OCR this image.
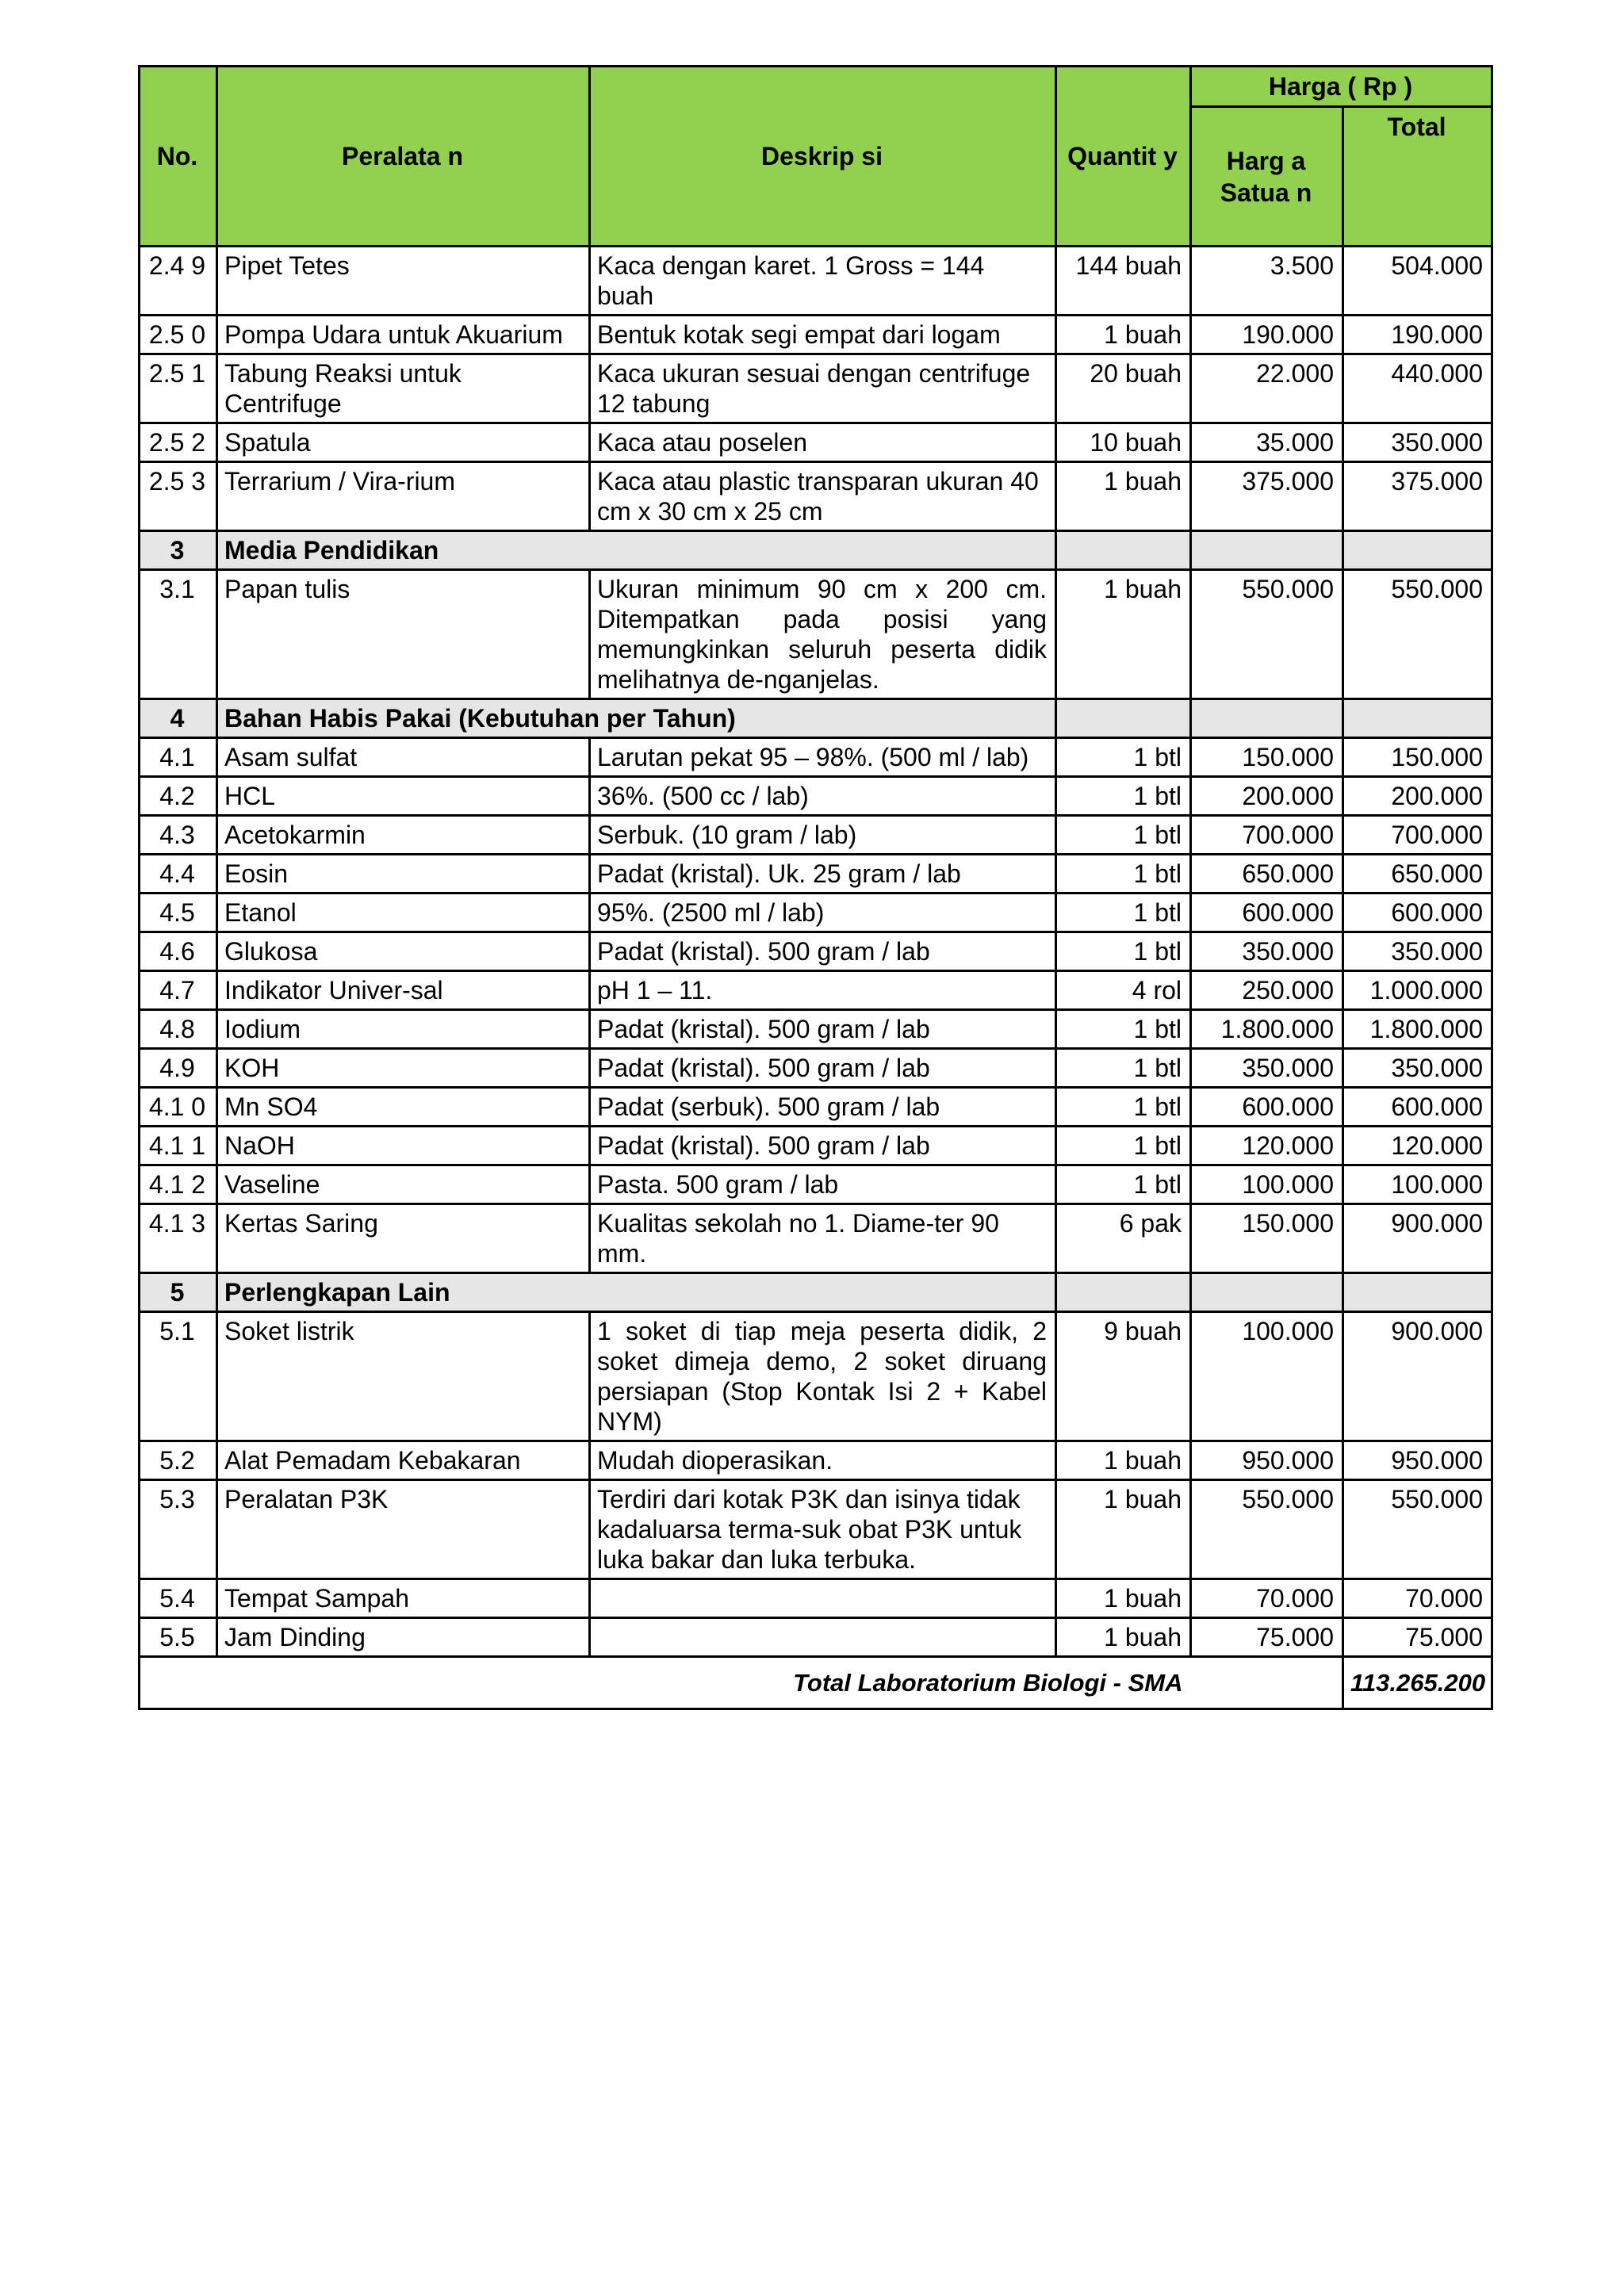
No.	Peralata n	Deskrip si	Quantit y	Harga ( Rp )	
				Harg a Satua n	Total
2.4 9	Pipet Tetes	Kaca dengan karet. 1 Gross = 144 buah	144 buah	3.500	504.000
2.5 0	Pompa Udara untuk Akuarium	Bentuk kotak segi empat dari logam	1 buah	190.000	190.000
2.5 1	Tabung Reaksi untuk Centrifuge	Kaca ukuran sesuai dengan centrifuge 12 tabung	20 buah	22.000	440.000
2.5 2	Spatula	Kaca atau poselen	10 buah	35.000	350.000
2.5 3	Terrarium / Vira-rium	Kaca atau plastic transparan ukuran 40 cm x 30 cm x 25 cm	1 buah	375.000	375.000
3	Media Pendidikan				
3.1	Papan tulis	Ukuran minimum 90 cm x 200 cm. Ditempatkan pada posisi yang memungkinkan seluruh peserta didik melihatnya de-nganjelas.	1 buah	550.000	550.000
4	Bahan Habis Pakai (Kebutuhan per Tahun)				
4.1	Asam sulfat	Larutan pekat 95 – 98%. (500 ml / lab)	1 btl	150.000	150.000
4.2	HCL	36%. (500 cc / lab)	1 btl	200.000	200.000
4.3	Acetokarmin	Serbuk. (10 gram / lab)	1 btl	700.000	700.000
4.4	Eosin	Padat (kristal). Uk. 25 gram / lab	1 btl	650.000	650.000
4.5	Etanol	95%. (2500 ml / lab)	1 btl	600.000	600.000
4.6	Glukosa	Padat (kristal). 500 gram / lab	1 btl	350.000	350.000
4.7	Indikator Univer-sal	pH 1 – 11.	4 rol	250.000	1.000.000
4.8	Iodium	Padat (kristal). 500 gram / lab	1 btl	1.800.000	1.800.000
4.9	KOH	Padat (kristal). 500 gram / lab	1 btl	350.000	350.000
4.1 0	Mn SO4	Padat (serbuk). 500 gram / lab	1 btl	600.000	600.000
4.1 1	NaOH	Padat (kristal). 500 gram / lab	1 btl	120.000	120.000
4.1 2	Vaseline	Pasta. 500 gram / lab	1 btl	100.000	100.000
4.1 3	Kertas Saring	Kualitas sekolah no 1. Diame-ter 90 mm.	6 pak	150.000	900.000
5	Perlengkapan Lain				
5.1	Soket listrik	1 soket di tiap meja peserta didik, 2 soket dimeja demo, 2 soket diruang persiapan (Stop Kontak Isi 2 + Kabel NYM)	9 buah	100.000	900.000
5.2	Alat Pemadam Kebakaran	Mudah dioperasikan.	1 buah	950.000	950.000
5.3	Peralatan P3K	Terdiri dari kotak P3K dan isinya tidak kadaluarsa terma-suk obat P3K untuk luka bakar dan luka terbuka.	1 buah	550.000	550.000
5.4	Tempat Sampah		1 buah	70.000	70.000
5.5	Jam Dinding		1 buah	75.000	75.000
Total Laboratorium Biologi - SMA					113.265.200
